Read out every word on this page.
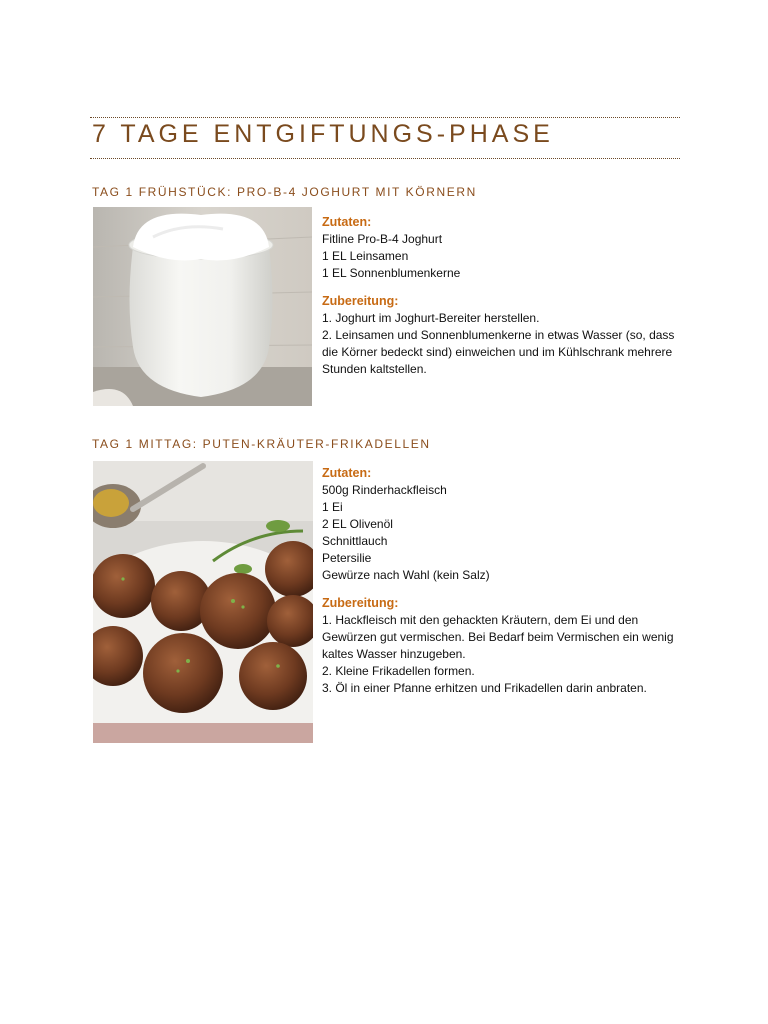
7 TAGE ENTGIFTUNGS-PHASE
TAG 1 FRÜHSTÜCK: PRO-B-4 JOGHURT MIT KÖRNERN
Zutaten:

Fitline Pro-B-4 Joghurt

1 EL Leinsamen

1 EL Sonnenblumenkerne

Zubereitung:

1. Joghurt im Joghurt-Bereiter herstellen.

2. Leinsamen und Sonnenblumenkerne in etwas Wasser (so, dass die Körner bedeckt sind) einweichen und im Kühlschrank mehrere Stunden kaltstellen.

TAG 1 MITTAG: PUTEN-KRÄUTER-FRIKADELLEN
Zutaten:

500g Rinderhackfleisch

1 Ei

2 EL Olivenöl

Schnittlauch

Petersilie

Gewürze nach Wahl (kein Salz)

Zubereitung:

1. Hackfleisch mit den gehackten Kräutern, dem Ei und den Gewürzen gut vermischen. Bei Bedarf beim Vermischen ein wenig kaltes Wasser hinzugeben.

2. Kleine Frikadellen formen.

3. Öl in einer Pfanne erhitzen und Frikadellen darin anbraten.
